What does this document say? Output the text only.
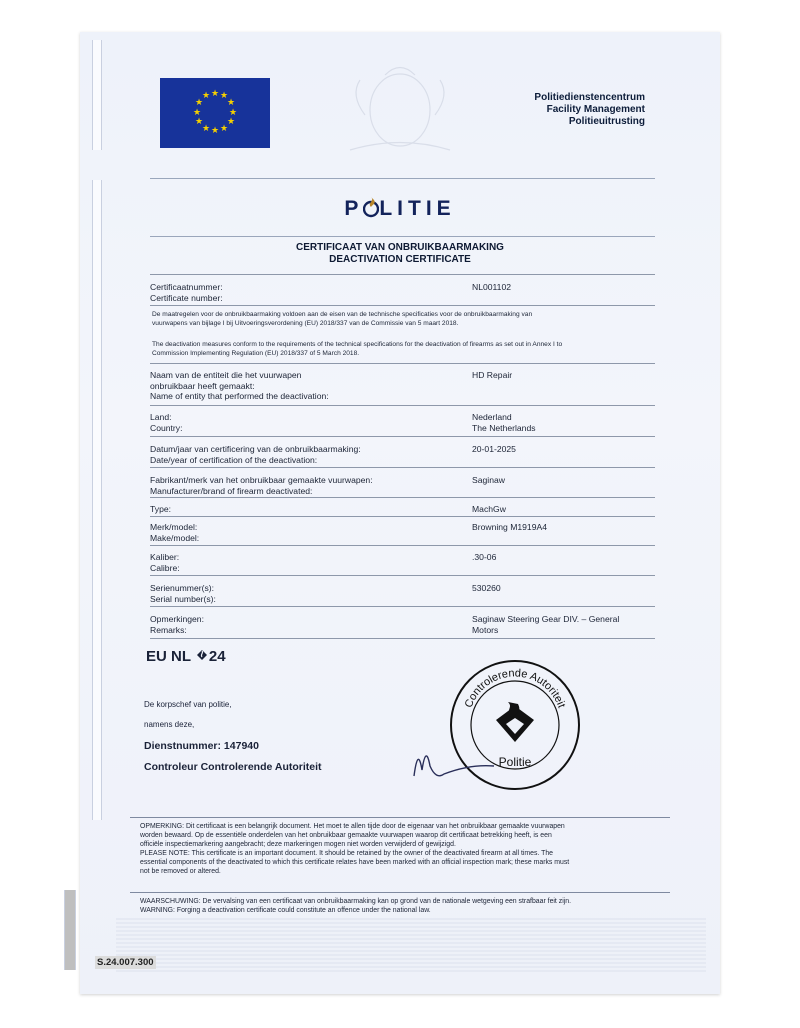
★ ★
★
★
★
★
★
★
★
★
★
★	Politiedienstencentrum
Facility Management
Politieuitrusting
P LITIE
CERTIFICAAT VAN ONBRUIKBAARMAKING
DEACTIVATION CERTIFICATE
Certificaatnummer:
Certificate number:
NL001102
De maatregelen voor de onbruikbaarmaking voldoen aan de eisen van de technische specificaties voor de onbruikbaarmaking van
vuurwapens van bijlage I bij Uitvoeringsverordening (EU) 2018/337 van de Commissie van 5 maart 2018.
The deactivation measures conform to the requirements of the technical specifications for the deactivation of firearms as set out in Annex I to
Commission Implementing Regulation (EU) 2018/337 of 5 March 2018.
Naam van de entiteit die het vuurwapen
onbruikbaar heeft gemaakt:
Name of entity that performed the deactivation:
HD Repair
Land:
Country:
Nederland
The Netherlands
Datum/jaar van certificering van de onbruikbaarmaking:
Date/year of certification of the deactivation:
20-01-2025
Fabrikant/merk van het onbruikbaar gemaakte vuurwapen:
Manufacturer/brand of firearm deactivated:
Saginaw
Type:	MachGw
Merk/model:
Make/model:
Browning M1919A4
Kaliber:
Calibre:
.30-06
Serienummer(s):
Serial number(s):
530260
Opmerkingen:
Remarks:
Saginaw Steering Gear DIV. – General
Motors
EU NL 24
De korpschef van politie,
namens deze,
Dienstnummer: 147940
Controleur Controlerende Autoriteit
Controlerende Autoriteit
Politie
OPMERKING: Dit certificaat is een belangrijk document. Het moet te allen tijde door de eigenaar van het onbruikbaar gemaakte vuurwapen
worden bewaard. Op de essentiële onderdelen van het onbruikbaar gemaakte vuurwapen waarop dit certificaat betrekking heeft, is een
officiële inspectiemarkering aangebracht; deze markeringen mogen niet worden verwijderd of gewijzigd.
PLEASE NOTE: This certificate is an important document. It should be retained by the owner of the deactivated firearm at all times. The
essential components of the deactivated to which this certificate relates have been marked with an official inspection mark; these marks must
not be removed or altered.
WAARSCHUWING: De vervalsing van een certificaat van onbruikbaarmaking kan op grond van de nationale wetgeving een strafbaar feit zijn.
WARNING: Forging a deactivation certificate could constitute an offence under the national law.
S.24.007.300
